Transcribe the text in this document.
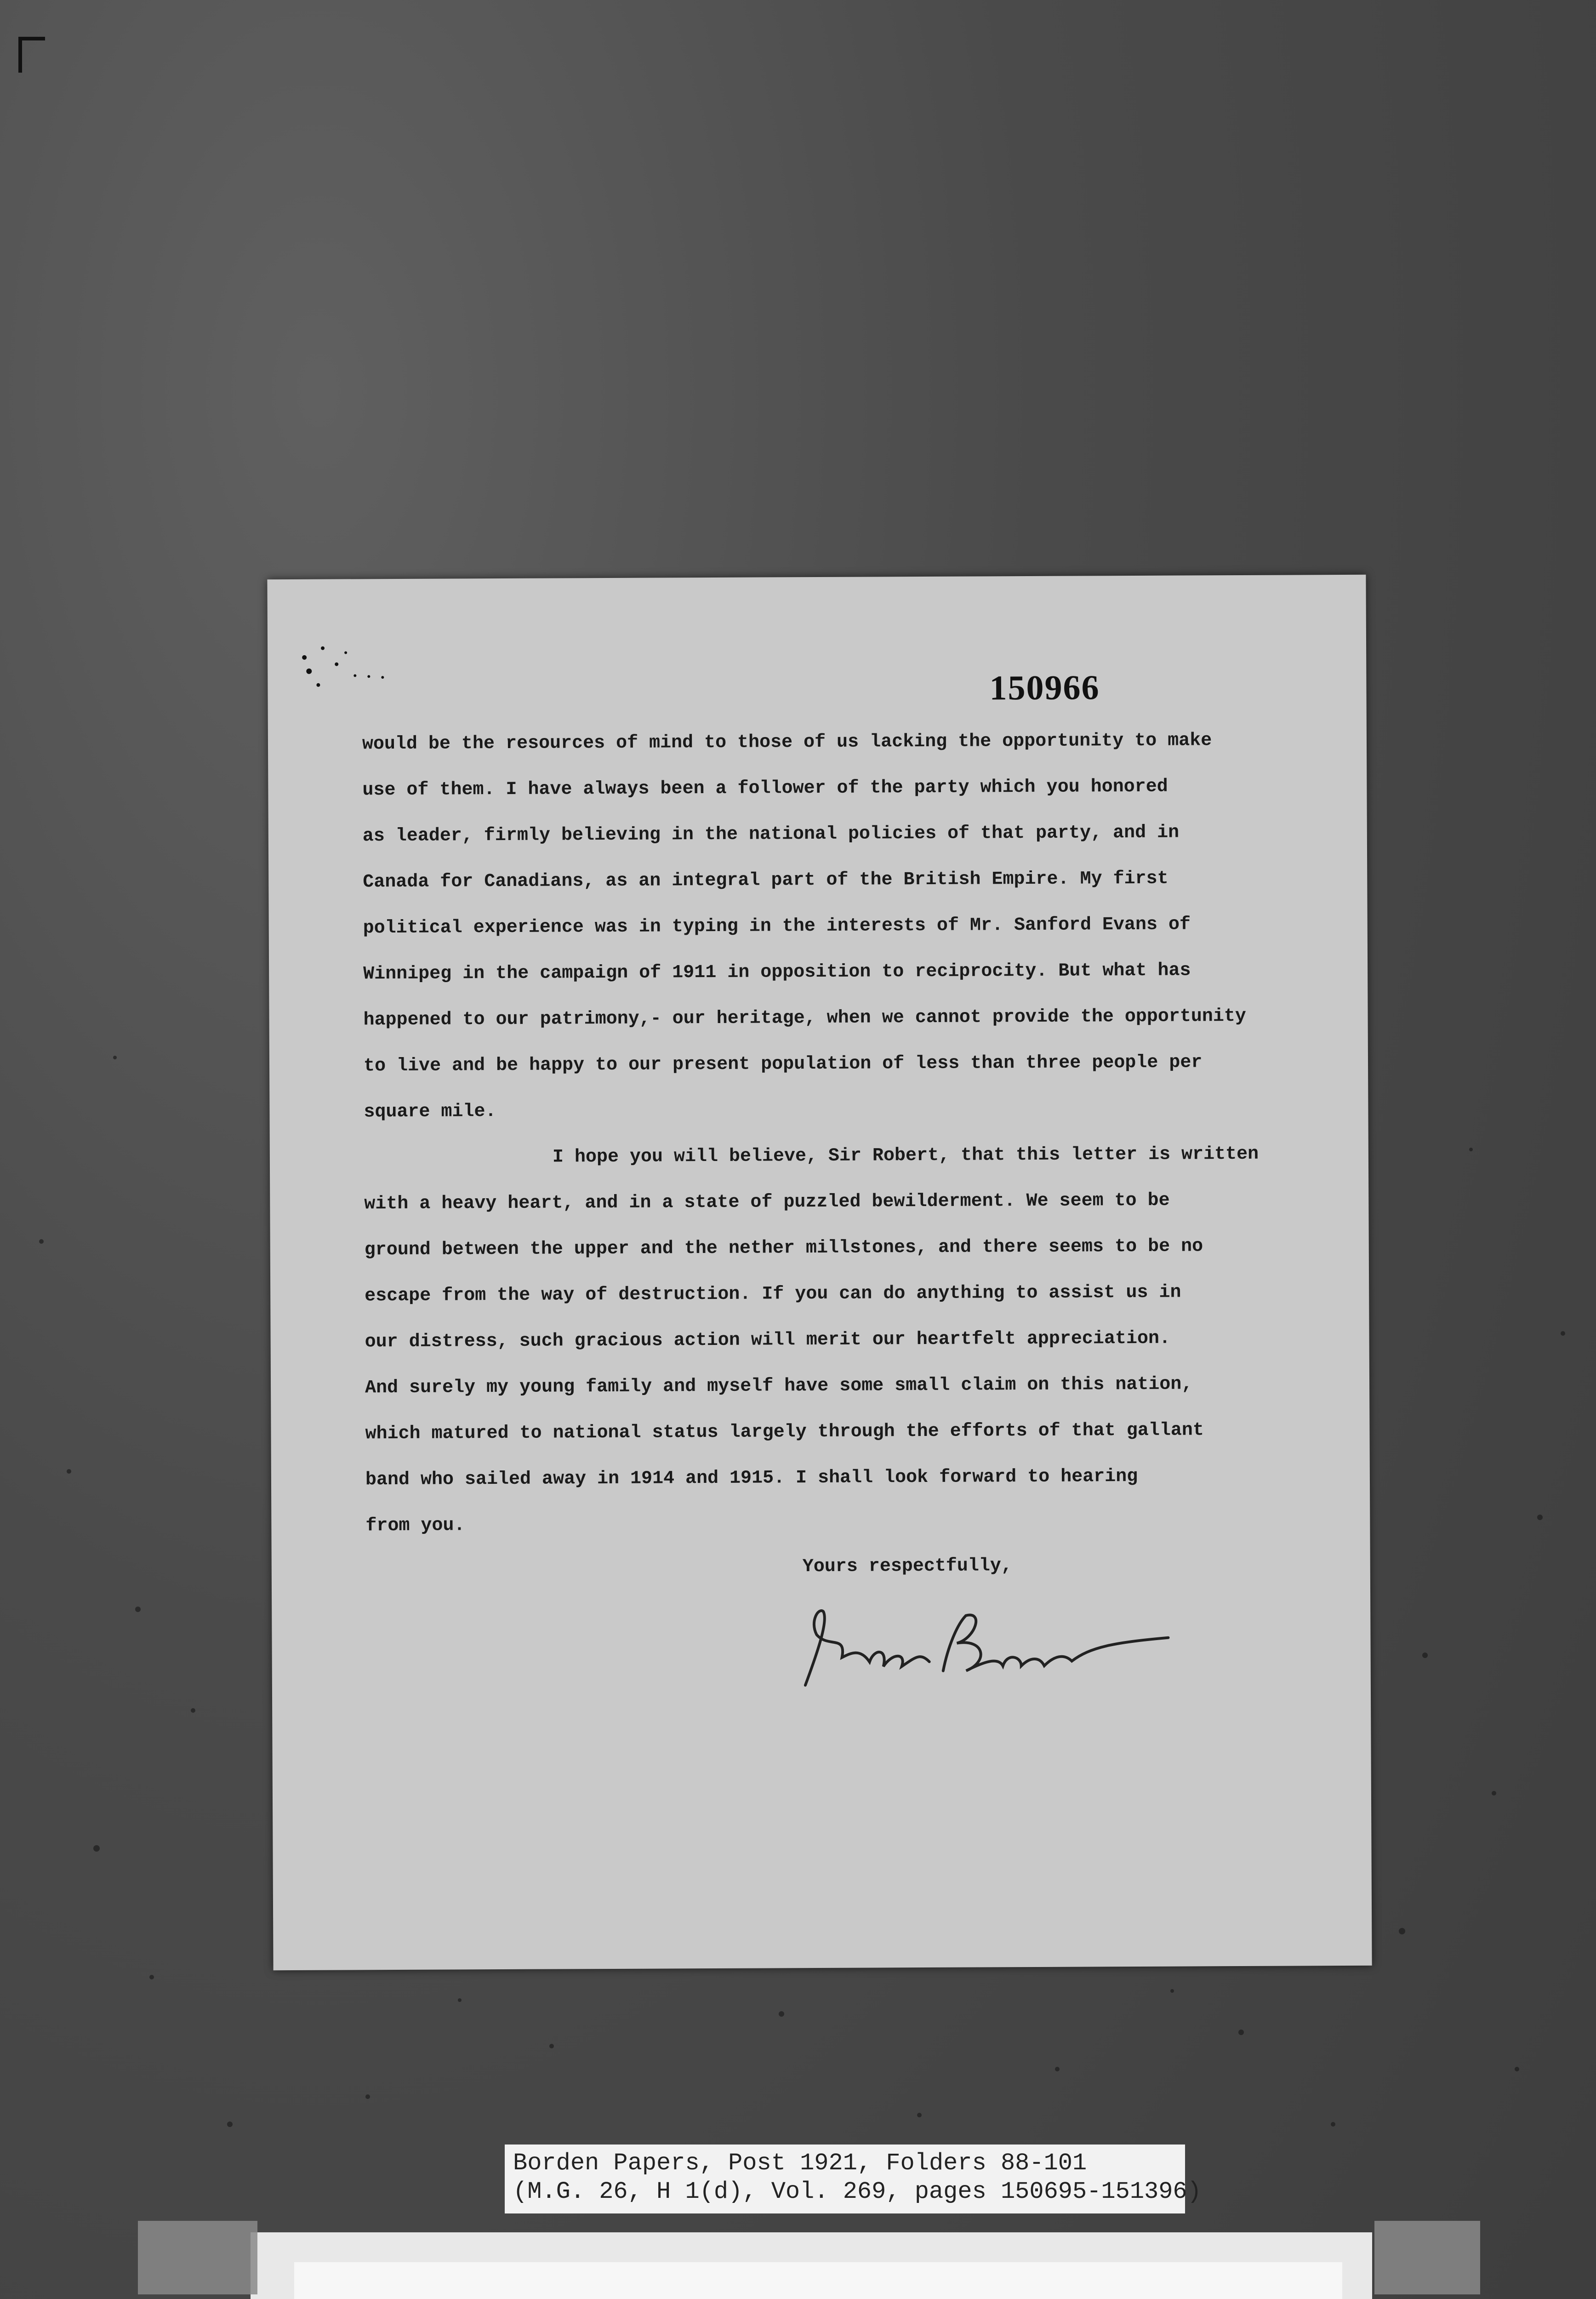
150966
would be the resources of mind to those of us lacking the opportunity to make
use of them. I have always been a follower of the party which you honored
as leader, firmly believing in the national policies of that party, and in
Canada for Canadians, as an integral part of the British Empire. My first
political experience was in typing in the interests of Mr. Sanford Evans of
Winnipeg in the campaign of 1911 in opposition to reciprocity. But what has
happened to our patrimony,- our heritage, when we cannot provide the opportunity
to live and be happy to our present population of less than three people per
square mile.
I hope you will believe, Sir Robert, that this letter is written
with a heavy heart, and in a state of puzzled bewilderment. We seem to be
ground between the upper and the nether millstones, and there seems to be no
escape from the way of destruction. If you can do anything to assist us in
our distress, such gracious action will merit our heartfelt appreciation.
And surely my young family and myself have some small claim on this nation,
which matured to national status largely through the efforts of that gallant
band who sailed away in 1914 and 1915. I shall look forward to hearing
from you.
Yours respectfully,
Borden Papers, Post 1921, Folders 88-101
(M.G. 26, H 1(d), Vol. 269, pages 150695-151396)
